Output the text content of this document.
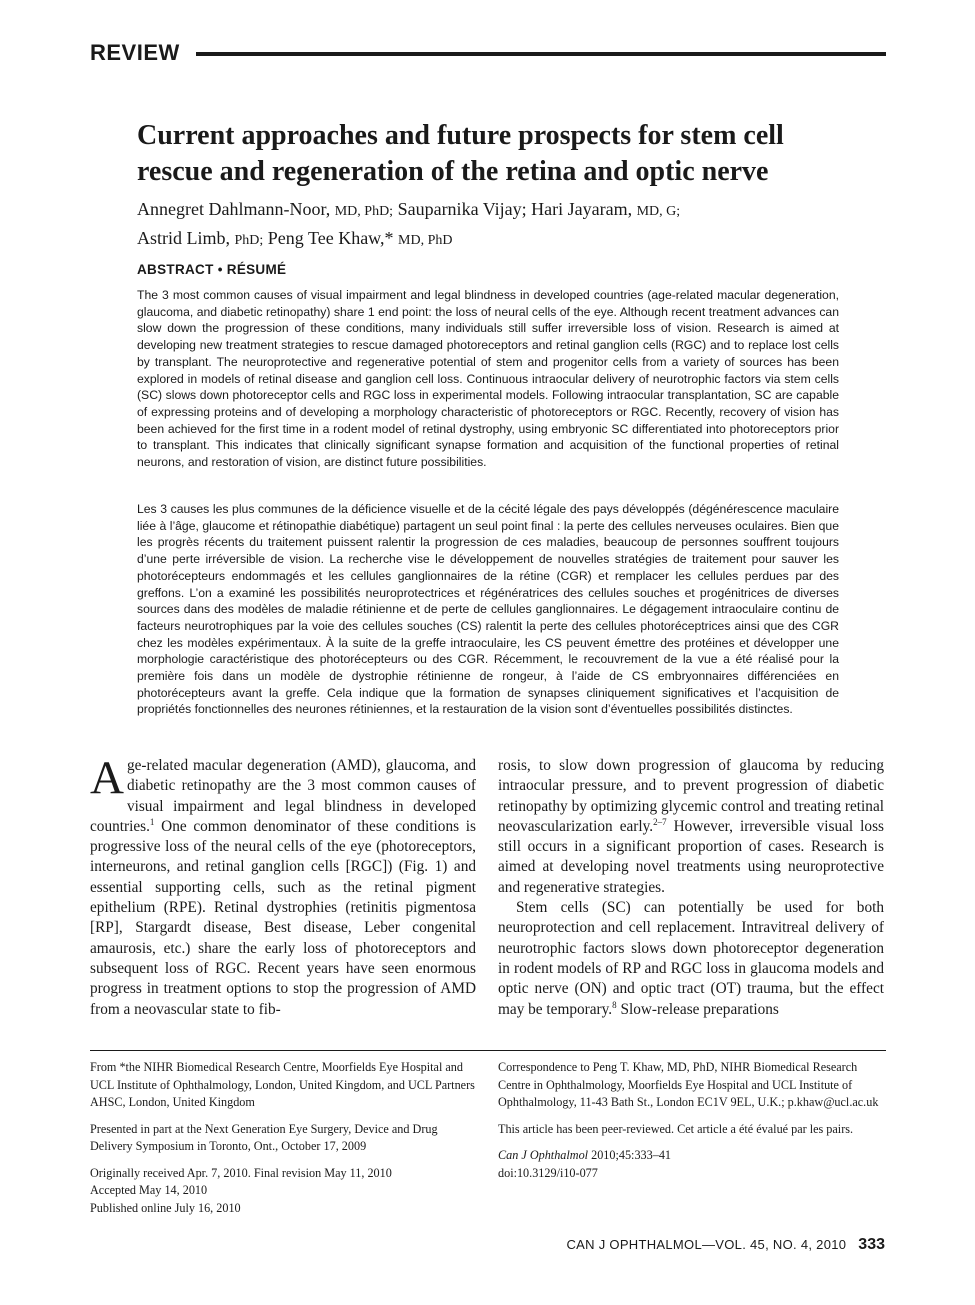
REVIEW
Current approaches and future prospects for stem cell rescue and regeneration of the retina and optic nerve
Annegret Dahlmann-Noor, MD, PhD; Sauparnika Vijay; Hari Jayaram, MD, G;
Astrid Limb, PhD; Peng Tee Khaw,* MD, PhD
ABSTRACT • RÉSUMÉ

The 3 most common causes of visual impairment and legal blindness in developed countries (age-related macular degeneration, glaucoma, and diabetic retinopathy) share 1 end point: the loss of neural cells of the eye. Although recent treatment advances can slow down the progression of these conditions, many individuals still suffer irreversible loss of vision. Research is aimed at developing new treatment strategies to rescue damaged photoreceptors and retinal ganglion cells (RGC) and to replace lost cells by transplant. The neuroprotective and regenerative potential of stem and progenitor cells from a variety of sources has been explored in models of retinal disease and ganglion cell loss. Continuous intraocular delivery of neurotrophic factors via stem cells (SC) slows down photoreceptor cells and RGC loss in experimental models. Following intraocular transplantation, SC are capable of expressing proteins and of developing a morphology characteristic of photoreceptors or RGC. Recently, recovery of vision has been achieved for the first time in a rodent model of retinal dystrophy, using embryonic SC differentiated into photoreceptors prior to transplant. This indicates that clinically significant synapse formation and acquisition of the functional properties of retinal neurons, and restoration of vision, are distinct future possibilities.

Les 3 causes les plus communes de la déficience visuelle et de la cécité légale des pays développés (dégénérescence maculaire liée à l’âge, glaucome et rétinopathie diabétique) partagent un seul point final : la perte des cellules nerveuses oculaires. Bien que les progrès récents du traitement puissent ralentir la progression de ces maladies, beaucoup de personnes souffrent toujours d’une perte irréversible de vision. La recherche vise le développement de nouvelles stratégies de traitement pour sauver les photorécepteurs endommagés et les cellules ganglionnaires de la rétine (CGR) et remplacer les cellules perdues par des greffons. L’on a examiné les possibilités neuroprotectrices et régénératrices des cellules souches et progénitrices de diverses sources dans des modèles de maladie rétinienne et de perte de cellules ganglionnaires. Le dégagement intraoculaire continu de facteurs neurotrophiques par la voie des cellules souches (CS) ralentit la perte des cellules photoréceptrices ainsi que des CGR chez les modèles expérimentaux. À la suite de la greffe intraoculaire, les CS peuvent émettre des protéines et développer une morphologie caractéristique des photorécepteurs ou des CGR. Récemment, le recouvrement de la vue a été réalisé pour la première fois dans un modèle de dystrophie rétinienne de rongeur, à l’aide de CS embryonnaires différenciées en photorécepteurs avant la greffe. Cela indique que la formation de synapses cliniquement significatives et l’acquisition de propriétés fonctionnelles des neurones rétiniennes, et la restauration de la vision sont d’éventuelles possibilités distinctes.

Age-related macular degeneration (AMD), glaucoma, and diabetic retinopathy are the 3 most common causes of visual impairment and legal blindness in developed countries.$^1$ One common denominator of these conditions is progressive loss of the neural cells of the eye (photoreceptors, interneurons, and retinal ganglion cells [RGC]) (Fig. 1) and essential supporting cells, such as the retinal pigment epithelium (RPE). Retinal dystrophies (retinitis pigmentosa [RP], Stargardt disease, Best disease, Leber congenital amaurosis, etc.) share the early loss of photoreceptors and subsequent loss of RGC. Recent years have seen enormous progress in treatment options to stop the progression of AMD from a neovascular state to fib-

rosis, to slow down progression of glaucoma by reducing intraocular pressure, and to prevent progression of diabetic retinopathy by optimizing glycemic control and treating retinal neovascularization early.$^{2-7}$ However, irreversible visual loss still occurs in a significant proportion of cases. Research is aimed at developing novel treatments using neuroprotective and regenerative strategies.

Stem cells (SC) can potentially be used for both neuroprotection and cell replacement. Intravitreal delivery of neurotrophic factors slows down photoreceptor degeneration in rodent models of RP and RGC loss in glaucoma models and optic nerve (ON) and optic tract (OT) trauma, but the effect may be temporary.$^8$ Slow-release preparations

From *the NIHR Biomedical Research Centre, Moorfields Eye Hospital and UCL Institute of Ophthalmology, London, United Kingdom, and UCL Partners AHSC, London, United Kingdom

Presented in part at the Next Generation Eye Surgery, Device and Drug Delivery Symposium in Toronto, Ont., October 17, 2009

Originally received Apr. 7, 2010. Final revision May 11, 2010
Accepted May 14, 2010
Published online July 16, 2010

Correspondence to Peng T. Khaw, MD, PhD, NIHR Biomedical Research Centre in Ophthalmology, Moorfields Eye Hospital and UCL Institute of Ophthalmology, 11-43 Bath St., London EC1V 9EL, U.K.; p.khaw@ucl.ac.uk

This article has been peer-reviewed. Cet article a été évalué par les pairs.

Can J Ophthalmol 2010;45:333–41
doi:10.3129/i10-077

CAN J OPHTHALMOL—VOL. 45, NO. 4, 2010 333
